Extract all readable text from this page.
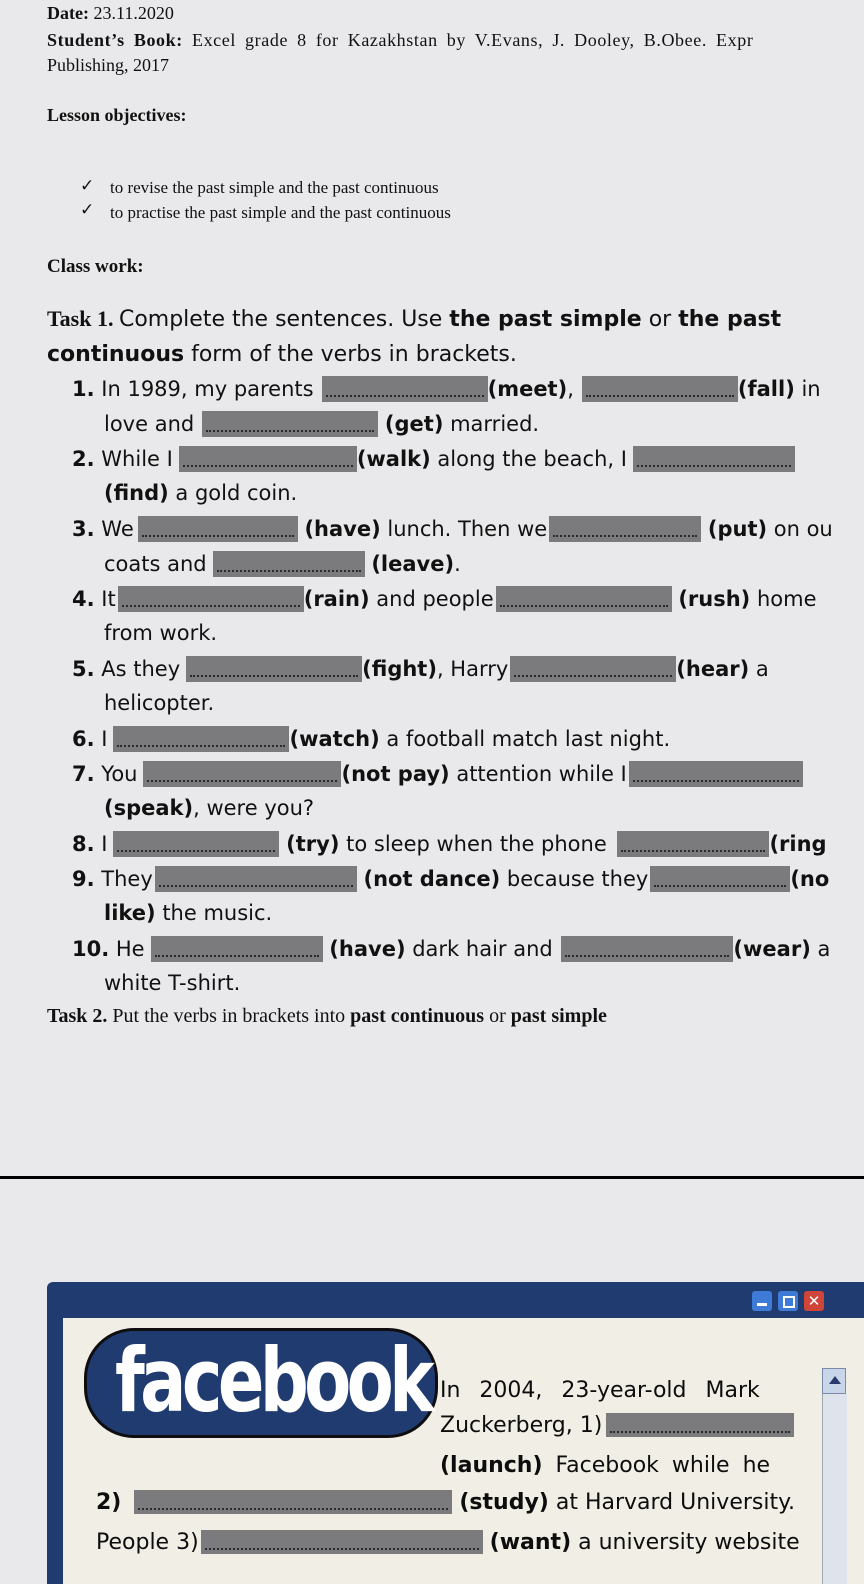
Date: 23.11.2020
Student’s Book: Excel grade 8 for Kazakhstan by V.Evans, J. Dooley, B.Obee. Expr
Publishing, 2017
Lesson objectives:
✓ to revise the past simple and the past continuous
✓ to practise the past simple and the past continuous
Class work:
Task 1. Complete the sentences. Use the past simple or the past
continuous form of the verbs in brackets.
1. In 1989, my parents	(meet),	(fall) in
love and	(get) married.
2. While I	(walk) along the beach, I
(find) a gold coin.
3. We	(have) lunch. Then we	(put) on ou
coats and	(leave).
4. It	(rain) and people	(rush) home
from work.
5. As they	(fight), Harry	(hear) a
helicopter.
6. I	(watch) a football match last night.
7. You	(not pay) attention while I
(speak), were you?
8. I	(try) to sleep when the phone	(ring
9. They	(not dance) because they	(no
like) the music.
10. He	(have) dark hair and	(wear) a
white T-shirt.
Task 2. Put the verbs in brackets into past continuous or past simple
✕
facebook In 2004, 23-year-old Mark
Zuckerberg, 1)
(launch) Facebook while he
2)	(study) at Harvard University.
People 3)	(want) a university website
